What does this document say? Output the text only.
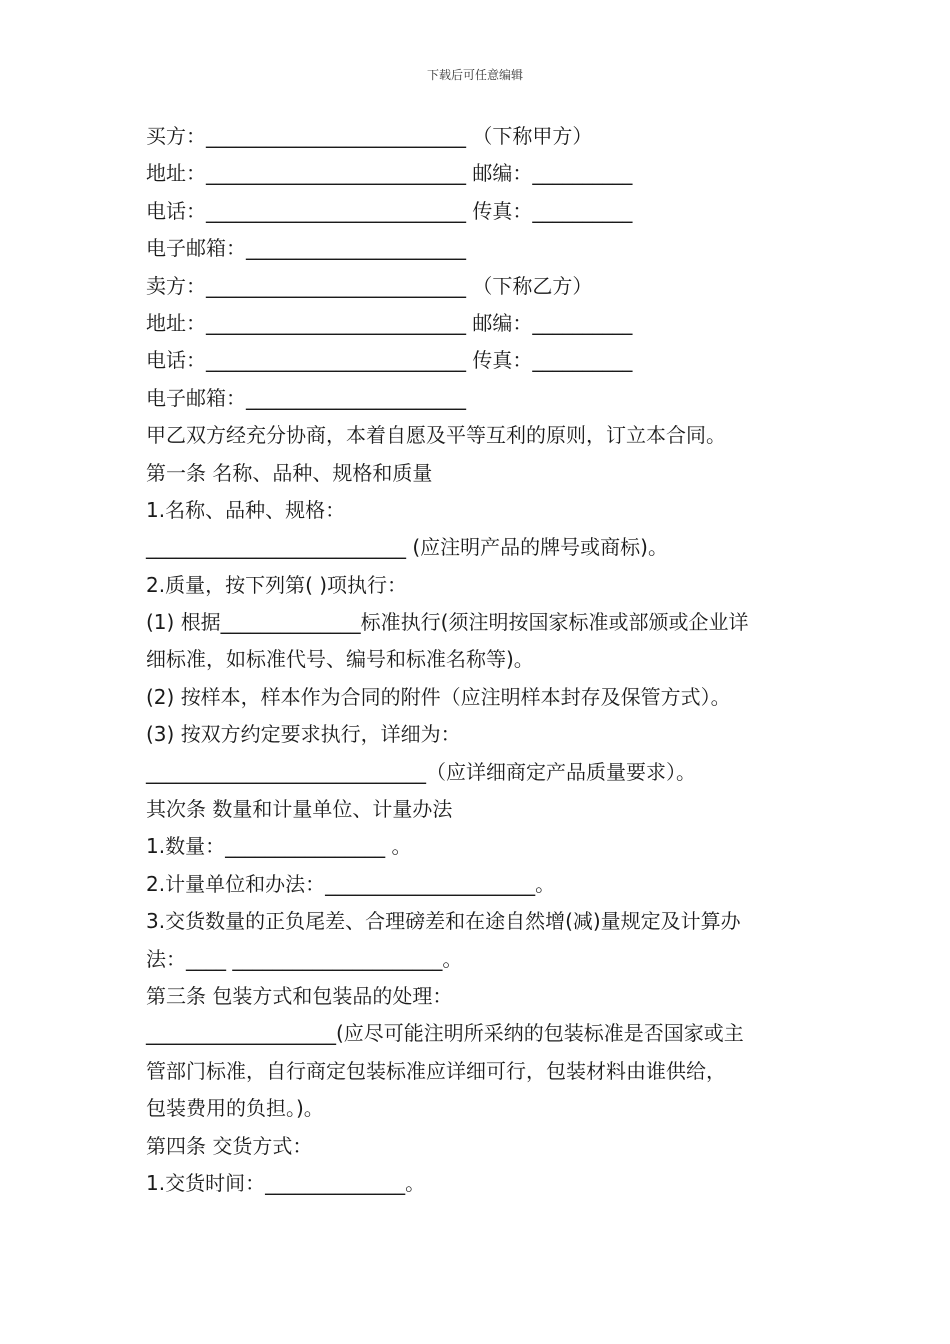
下载后可任意编辑
买方：__________________________ （下称甲方）
地址：__________________________ 邮编：__________
电话：__________________________ 传真：__________
电子邮箱：______________________
卖方：__________________________ （下称乙方）
地址：__________________________ 邮编：__________
电话：__________________________ 传真：__________
电子邮箱：______________________
甲乙双方经充分协商，本着自愿及平等互利的原则，订立本合同。
第一条 名称、品种、规格和质量
1.名称、品种、规格：
__________________________ (应注明产品的牌号或商标)。
2.质量，按下列第( )项执行：
(1) 根据______________标准执行(须注明按国家标准或部颁或企业详
细标准，如标准代号、编号和标准名称等)。
(2) 按样本，样本作为合同的附件（应注明样本封存及保管方式）。
(3) 按双方约定要求执行，详细为：
____________________________（应详细商定产品质量要求）。
其次条 数量和计量单位、计量办法
1.数量：________________ 。
2.计量单位和办法：_____________________。
3.交货数量的正负尾差、合理磅差和在途自然增(减)量规定及计算办
法：____ _____________________。
第三条 包装方式和包装品的处理：
___________________(应尽可能注明所采纳的包装标准是否国家或主
管部门标准，自行商定包装标准应详细可行，包装材料由谁供给，
包装费用的负担。)。
第四条 交货方式：
1.交货时间：______________。
